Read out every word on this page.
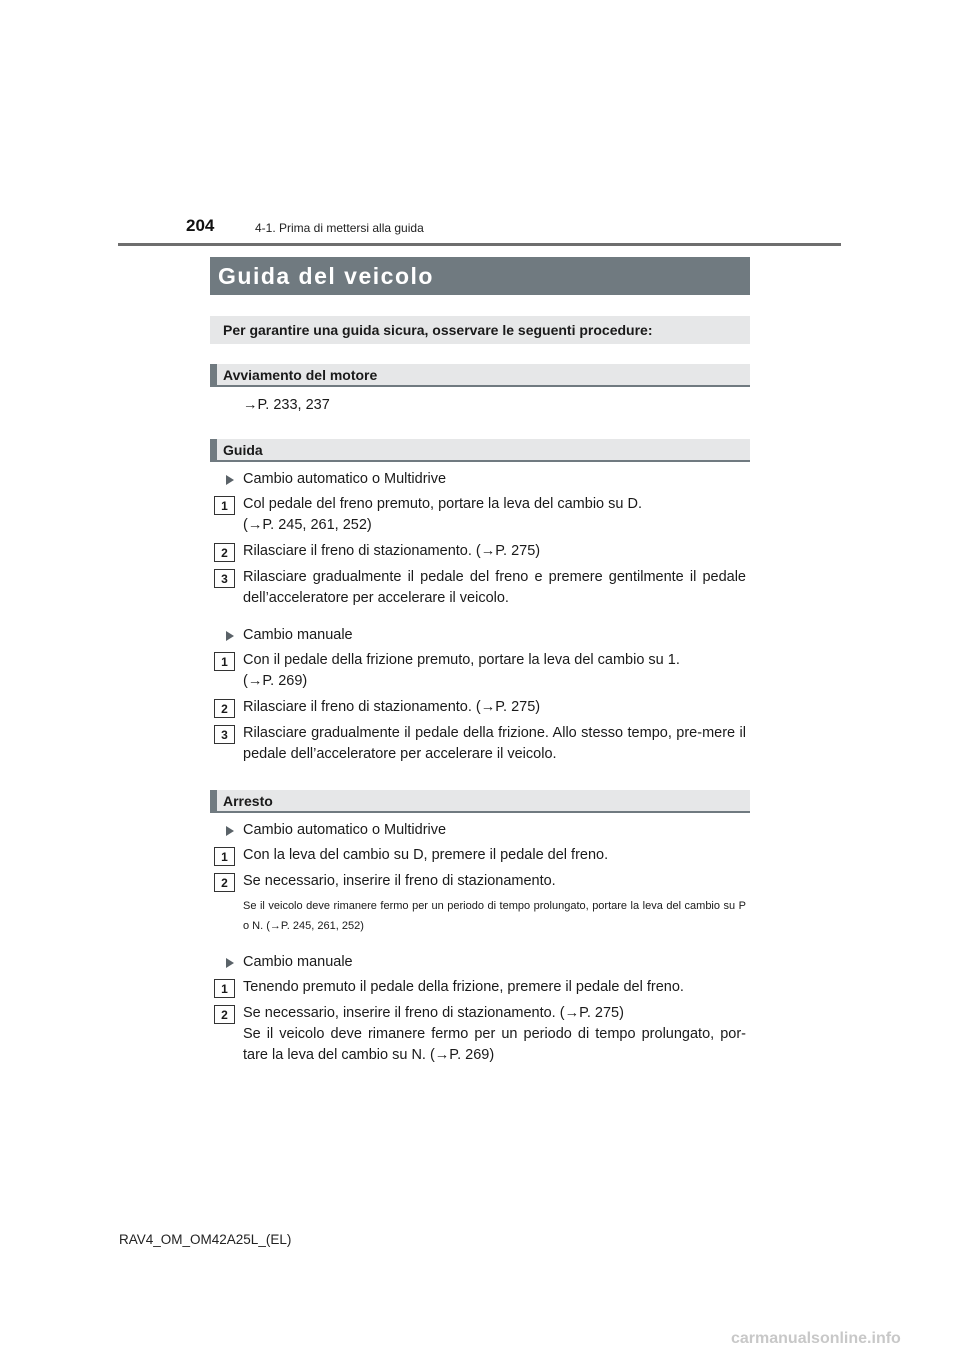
204	4-1. Prima di mettersi alla guida
Guida del veicolo
Per garantire una guida sicura, osservare le seguenti procedure:
Avviamento del motore
→P. 233, 237
Guida
Cambio automatico o Multidrive
1	Col pedale del freno premuto, portare la leva del cambio su D.
(→P. 245, 261, 252)
2	Rilasciare il freno di stazionamento. (→P. 275)
3	Rilasciare gradualmente il pedale del freno e premere gentilmente il pedale dell’acceleratore per accelerare il veicolo.
Cambio manuale
1	Con il pedale della frizione premuto, portare la leva del cambio su 1.
(→P. 269)
2	Rilasciare il freno di stazionamento. (→P. 275)
3	Rilasciare gradualmente il pedale della frizione. Allo stesso tempo, pre-mere il pedale dell’acceleratore per accelerare il veicolo.
Arresto
Cambio automatico o Multidrive
1	Con la leva del cambio su D, premere il pedale del freno.
2	Se necessario, inserire il freno di stazionamento.
Se il veicolo deve rimanere fermo per un periodo di tempo prolungato, portare la leva del cambio su P o N. (→P. 245, 261, 252)
Cambio manuale
1	Tenendo premuto il pedale della frizione, premere il pedale del freno.
2	Se necessario, inserire il freno di stazionamento. (→P. 275)
Se il veicolo deve rimanere fermo per un periodo di tempo prolungato, por-tare la leva del cambio su N. (→P. 269)
RAV4_OM_OM42A25L_(EL)
carmanualsonline.info
